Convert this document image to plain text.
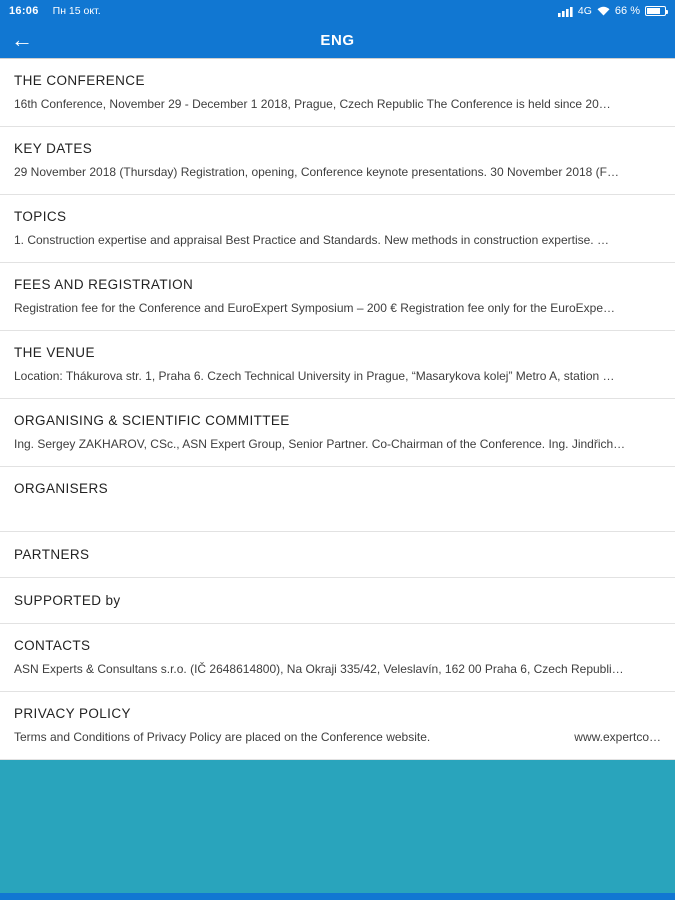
16:06 Пн 15 окт.	4G 66 %
←	ENG
THE CONFERENCE
16th Conference, November 29 - December 1 2018, Prague, Czech Republic The Conference is held since 20…
KEY DATES
29 November 2018 (Thursday) Registration, opening, Conference keynote presentations. 30 November 2018 (F…
TOPICS
1. Construction expertise and appraisal Best Practice and Standards. New methods in construction expertise. …
FEES AND REGISTRATION
Registration fee for the Conference and EuroExpert Symposium – 200 € Registration fee only for the EuroExpe…
THE VENUE
Location: Thákurova str. 1, Praha 6. Czech Technical University in Prague, “Masarykova kolej” Metro A, station …
ORGANISING & SCIENTIFIC COMMITTEE
Ing. Sergey ZAKHAROV, CSc., ASN Expert Group, Senior Partner. Co-Chairman of the Conference. Ing. Jindřich…
ORGANISERS
PARTNERS
SUPPORTED by
CONTACTS
ASN Experts & Consultans s.r.o. (IČ 2648614800), Na Okraji 335/42, Veleslavín, 162 00 Praha 6, Czech Republi…
PRIVACY POLICY
Terms and Conditions of Privacy Policy are placed on the Conference website.	www.expertco…
